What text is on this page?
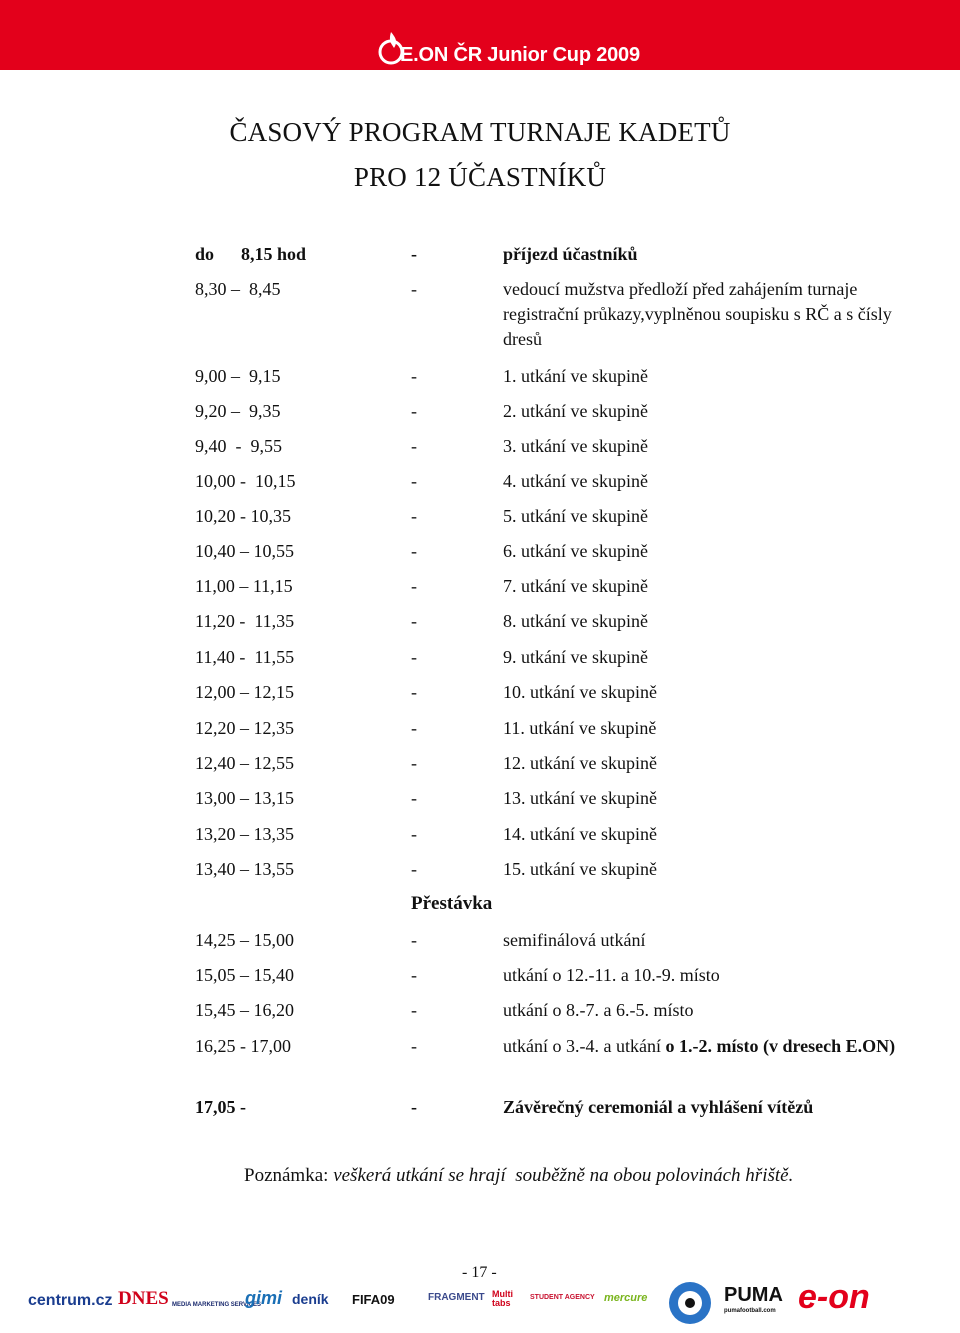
E.ON ČR Junior Cup 2009
ČASOVÝ PROGRAM TURNAJE KADETŮ
PRO 12 ÚČASTNÍKŮ
do      8,15 hod	-	příjezd účastníků
8,30 –  8,45	-	vedoucí mužstva předloží před zahájením turnaje registrační průkazy,vyplněnou soupisku s RČ a s čísly dresů
9,00 –  9,15	-	1. utkání ve skupině
9,20 –  9,35	-	2. utkání ve skupině
9,40  -  9,55	-	3. utkání ve skupině
10,00 -  10,15	-	4. utkání ve skupině
10,20 - 10,35	-	5. utkání ve skupině
10,40 – 10,55	-	6. utkání ve skupině
11,00 – 11,15	-	7. utkání ve skupině
11,20 -  11,35	-	8. utkání ve skupině
11,40 -  11,55	-	9. utkání ve skupině
12,00 – 12,15	-	10. utkání ve skupině
12,20 – 12,35	-	11. utkání ve skupině
12,40 – 12,55	-	12. utkání ve skupině
13,00 – 13,15	-	13. utkání ve skupině
13,20 – 13,35	-	14. utkání ve skupině
13,40 – 13,55	-	15. utkání ve skupině
Přestávka
14,25 – 15,00	-	semifinálová utkání
15,05 – 15,40	-	utkání o 12.-11. a 10.-9. místo
15,45 – 16,20	-	utkání o 8.-7. a 6.-5. místo
16,25 - 17,00	-	utkání o 3.-4. a utkání o 1.-2. místo (v dresech E.ON)
17,05 -	-	Závěrečný ceremoniál a vyhlášení vítězů
Poznámka: veškerá utkání se hrají  souběžně na obou polovinách hřiště.
- 17 -
centrum.cz DNES MEDIA MARKETING SERVICES
gimi deník FIFA09	FRAGMENT Multi tabs
STUDENT AGENCY mercure	PUMA
pumafootball.com e-on
